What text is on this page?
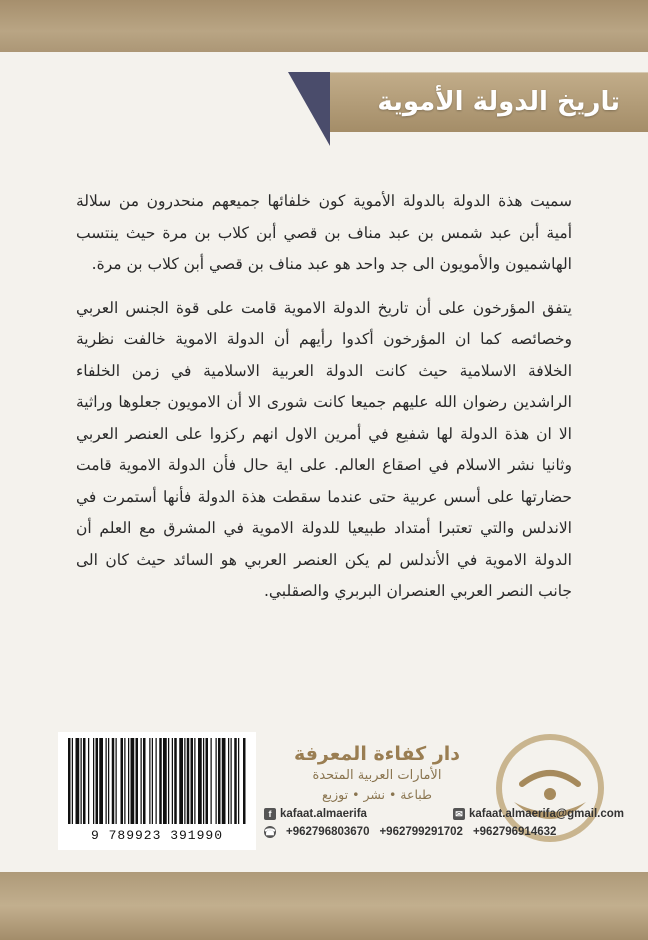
تاريخ الدولة الأموية

سميت هذة الدولة بالدولة الأموية كون خلفائها جميعهم منحدرون من سلالة أمية أبن عبد شمس بن عبد مناف بن قصي أبن كلاب بن مرة حيث ينتسب الهاشميون والأمويون الى جد واحد هو عبد مناف بن قصي أبن كلاب بن مرة.

يتفق المؤرخون على أن تاريخ الدولة الاموية قامت على قوة الجنس العربي وخصائصه كما ان المؤرخون أكدوا رأيهم أن الدولة الاموية خالفت نظرية الخلافة الاسلامية حيث كانت الدولة العربية الاسلامية في زمن الخلفاء الراشدين رضوان الله عليهم جميعا كانت شورى الا أن الامويون جعلوها وراثية الا ان هذة الدولة لها شفيع في أمرين الاول انهم ركزوا على العنصر العربي وثانيا نشر الاسلام في اصقاع العالم. على اية حال فأن الدولة الاموية قامت حضارتها على أسس عربية حتى عندما سقطت هذة الدولة فأنها أستمرت في الاندلس والتي تعتبرا أمتداد طبيعيا للدولة الاموية في المشرق مع العلم أن الدولة الاموية في الأندلس لم يكن العنصر العربي هو السائد حيث كان الى جانب النصر العربي العنصران البربري والصقلبي.

9 789923 391990
دار كفاءة المعرفة
الأمارات العربية المتحدة
طباعة • نشر • توزيع
f kafaat.almaerifa	✉ kafaat.almaerifa@gmail.com
☎ +962796803670 +962799291702 +962796914632
